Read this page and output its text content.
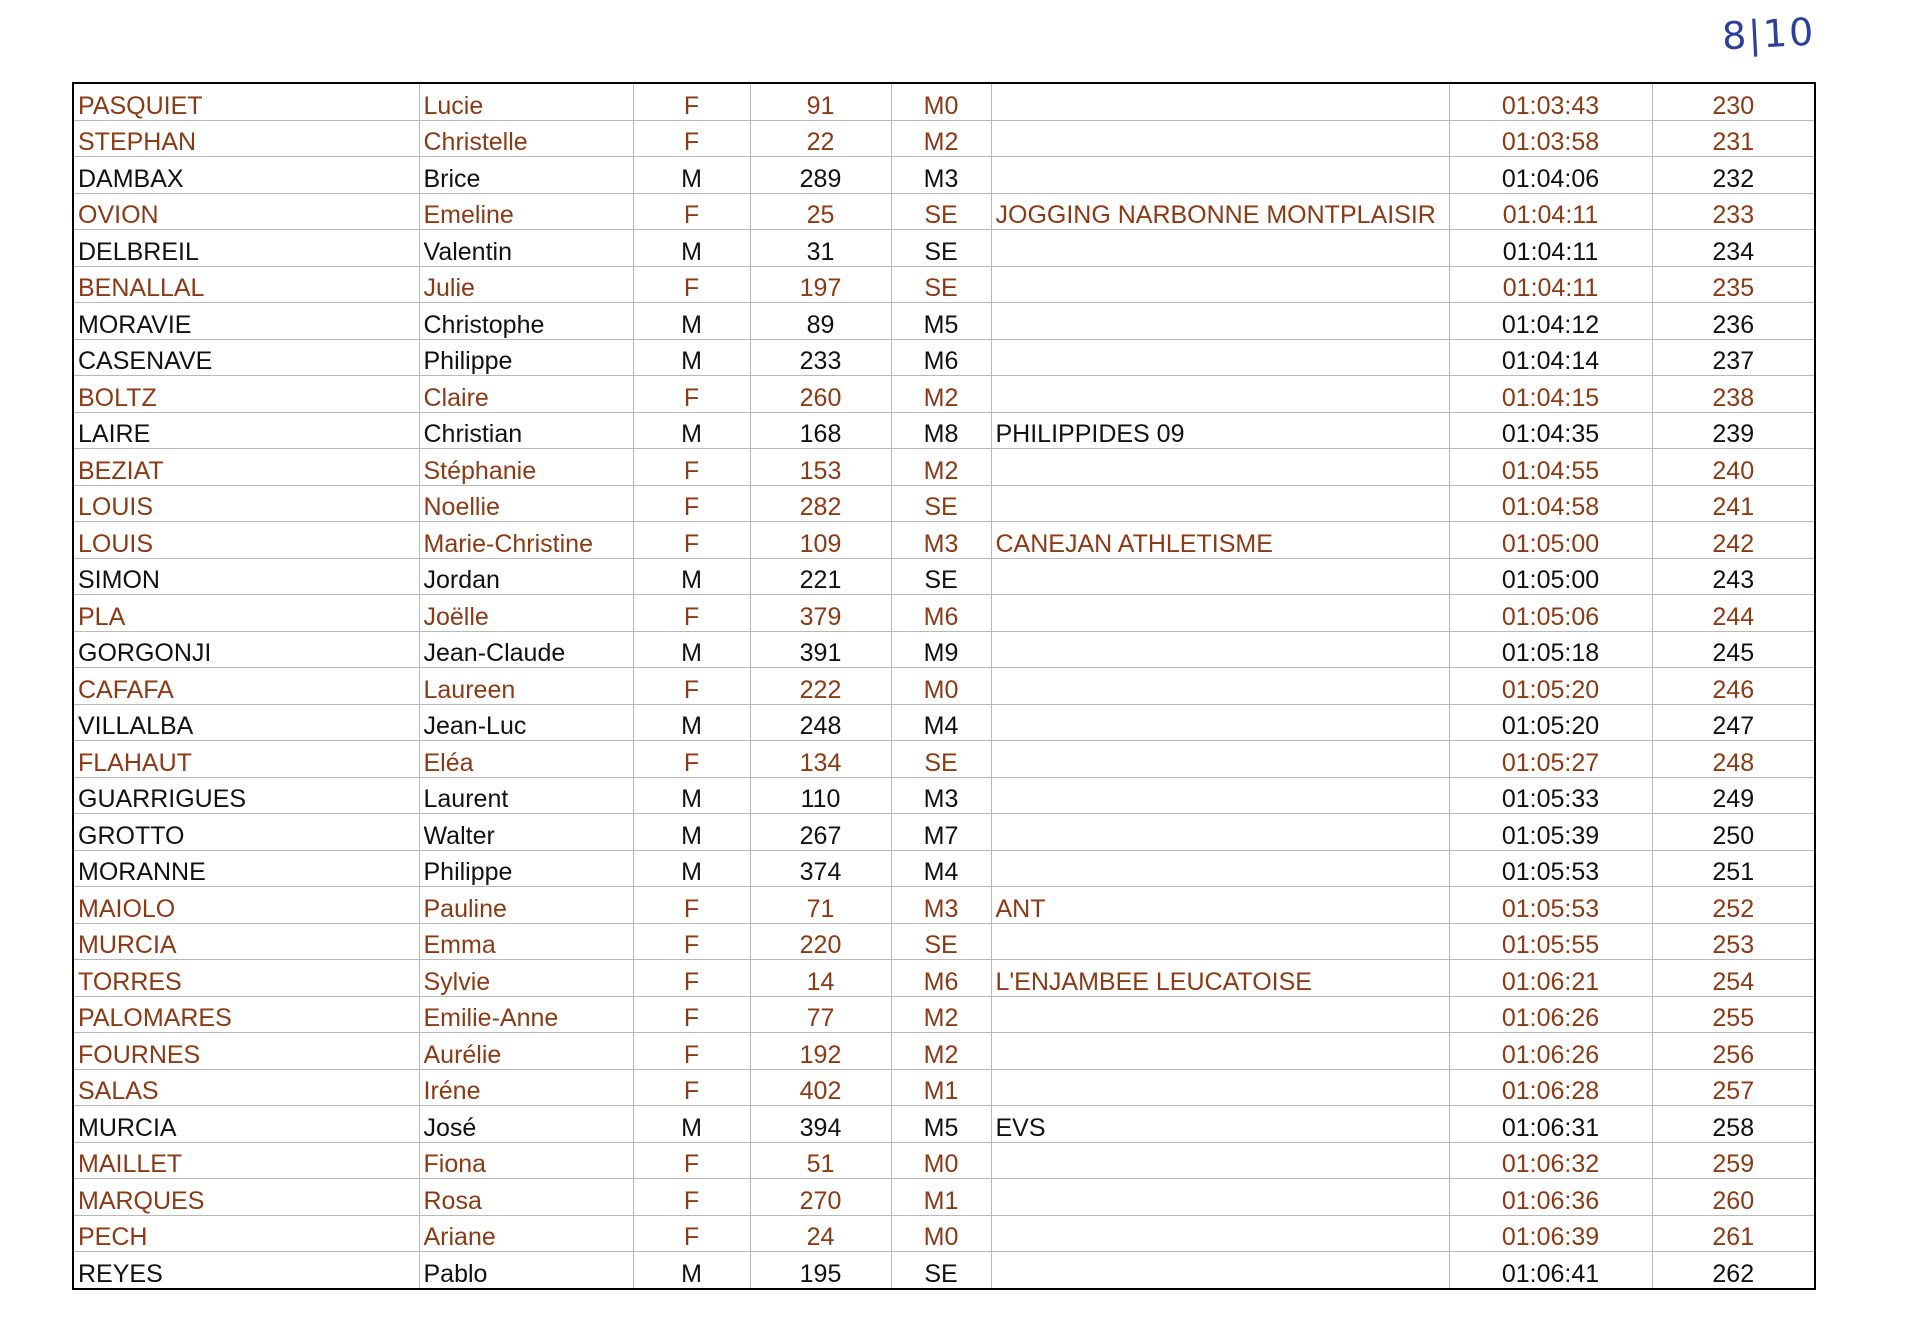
8|10
PASQUIET	Lucie	F	91	M0		01:03:43	230
STEPHAN	Christelle	F	22	M2		01:03:58	231
DAMBAX	Brice	M	289	M3		01:04:06	232
OVION	Emeline	F	25	SE	JOGGING NARBONNE MONTPLAISIR	01:04:11	233
DELBREIL	Valentin	M	31	SE		01:04:11	234
BENALLAL	Julie	F	197	SE		01:04:11	235
MORAVIE	Christophe	M	89	M5		01:04:12	236
CASENAVE	Philippe	M	233	M6		01:04:14	237
BOLTZ	Claire	F	260	M2		01:04:15	238
LAIRE	Christian	M	168	M8	PHILIPPIDES 09	01:04:35	239
BEZIAT	Stéphanie	F	153	M2		01:04:55	240
LOUIS	Noellie	F	282	SE		01:04:58	241
LOUIS	Marie-Christine	F	109	M3	CANEJAN ATHLETISME	01:05:00	242
SIMON	Jordan	M	221	SE		01:05:00	243
PLA	Joëlle	F	379	M6		01:05:06	244
GORGONJI	Jean-Claude	M	391	M9		01:05:18	245
CAFAFA	Laureen	F	222	M0		01:05:20	246
VILLALBA	Jean-Luc	M	248	M4		01:05:20	247
FLAHAUT	Eléa	F	134	SE		01:05:27	248
GUARRIGUES	Laurent	M	110	M3		01:05:33	249
GROTTO	Walter	M	267	M7		01:05:39	250
MORANNE	Philippe	M	374	M4		01:05:53	251
MAIOLO	Pauline	F	71	M3	ANT	01:05:53	252
MURCIA	Emma	F	220	SE		01:05:55	253
TORRES	Sylvie	F	14	M6	L'ENJAMBEE LEUCATOISE	01:06:21	254
PALOMARES	Emilie-Anne	F	77	M2		01:06:26	255
FOURNES	Aurélie	F	192	M2		01:06:26	256
SALAS	Iréne	F	402	M1		01:06:28	257
MURCIA	José	M	394	M5	EVS	01:06:31	258
MAILLET	Fiona	F	51	M0		01:06:32	259
MARQUES	Rosa	F	270	M1		01:06:36	260
PECH	Ariane	F	24	M0		01:06:39	261
REYES	Pablo	M	195	SE		01:06:41	262
